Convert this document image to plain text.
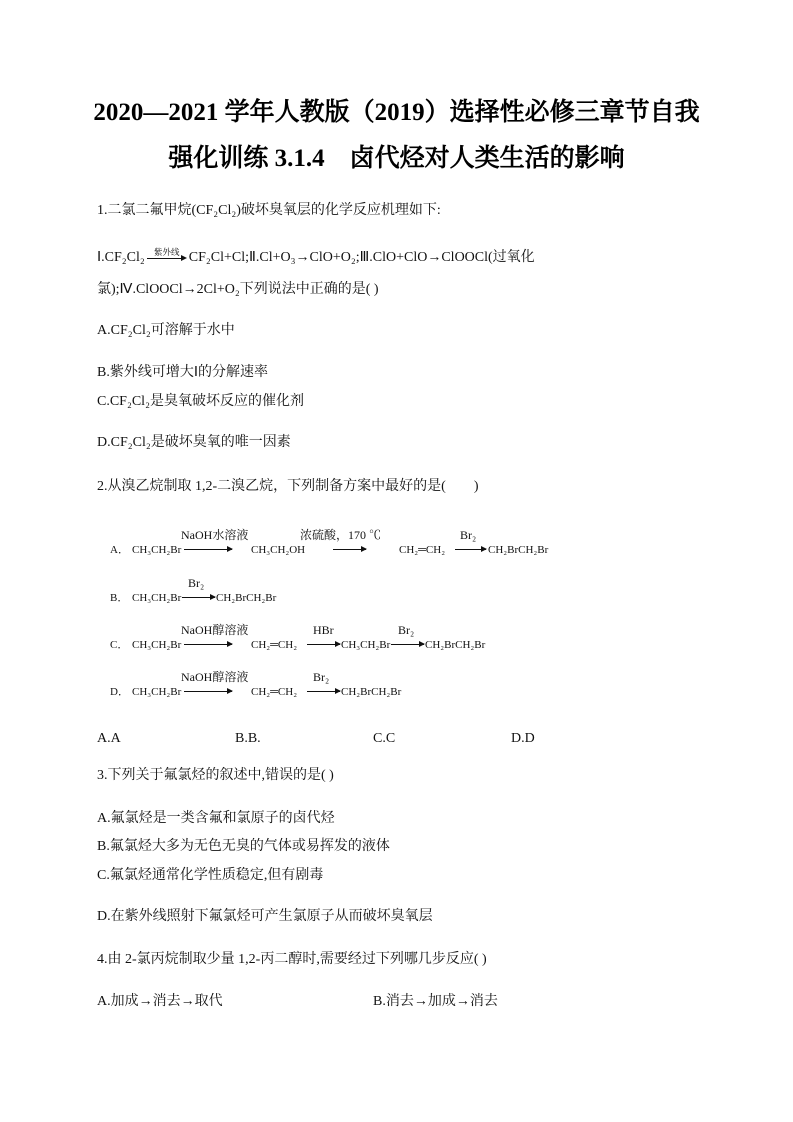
2020—2021 学年人教版（2019）选择性必修三章节自我
强化训练 3.1.4　卤代烃对人类生活的影响
1.二氯二氟甲烷(CF₂Cl₂)破坏臭氧层的化学反应机理如下:
Ⅰ.CF₂Cl₂	紫外线 CF₂Cl+Cl;Ⅱ.Cl+O₃→ClO+O₂;Ⅲ.ClO+ClO→ClOOCl(过氧化
氯);Ⅳ.ClOOCl→2Cl+O₂下列说法中正确的是( )
A.CF₂Cl₂可溶解于水中
B.紫外线可增大Ⅰ的分解速率
C.CF₂Cl₂是臭氧破坏反应的催化剂
D.CF₂Cl₂是破坏臭氧的唯一因素
2.从溴乙烷制取 1,2-二溴乙烷，下列制备方案中最好的是(　　)
A． CH₃CH₂Br
NaOH水溶液
→ CH₃CH₂OH
浓硫酸，170 ℃
CH₂═CH₂
Br₂
→ CH₂BrCH₂Br
B． CH₃CH₂Br
Br₂
→ CH₂BrCH₂Br
C． CH₃CH₂Br
NaOH醇溶液
→ CH₂═CH₂
HBr
→ CH₃CH₂Br
Br₂
→ CH₂BrCH₂Br
D． CH₃CH₂Br
NaOH醇溶液
→ CH₂═CH₂
Br₂
→ CH₂BrCH₂Br
A.A	B.B.	C.C	D.D
3.下列关于氟氯烃的叙述中,错误的是( )
A.氟氯烃是一类含氟和氯原子的卤代烃
B.氟氯烃大多为无色无臭的气体或易挥发的液体
C.氟氯烃通常化学性质稳定,但有剧毒
D.在紫外线照射下氟氯烃可产生氯原子从而破坏臭氧层
4.由 2-氯丙烷制取少量 1,2-丙二醇时,需要经过下列哪几步反应( )
A.加成→消去→取代	B.消去→加成→消去
